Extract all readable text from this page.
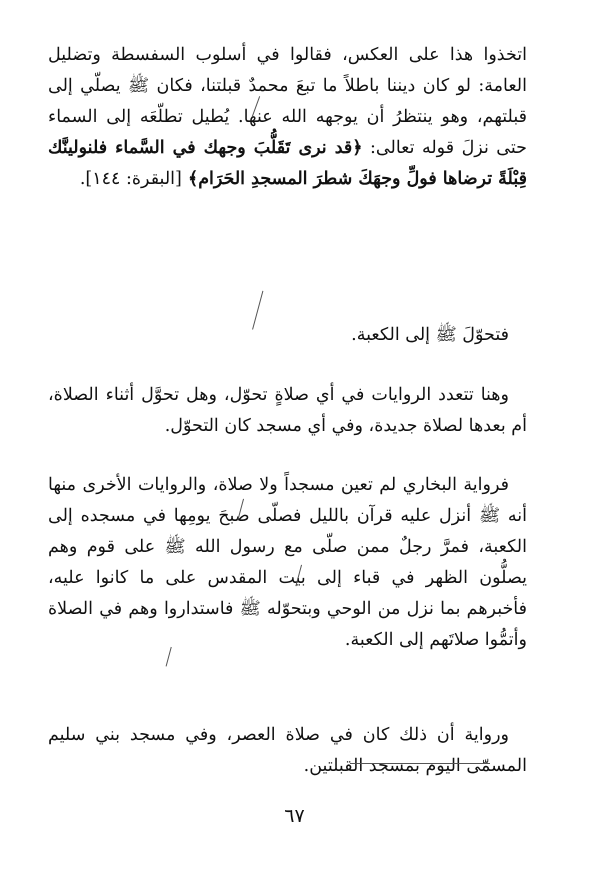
اتخذوا هذا على العكس، فقالوا في أسلوب السفسطة وتضليل العامة: لو كان ديننا باطلاً ما تبعَ محمدٌ قبلتنا، فكان ﷺ يصلّي إلى قبلتهم، وهو ينتظرُ أن يوجهه الله عنها. يُطيل تطلّعَه إلى السماء حتى نزلَ قوله تعالى: ﴿قد نرى تَقَلُّبَ وجهك في السَّماء فلنولينَّك قِبْلَةً ترضاها فولِّ وجهَكَ شطرَ المسجدِ الحَرَام﴾ [البقرة: ١٤٤].

فتحوّلَ ﷺ إلى الكعبة.

وهنا تتعدد الروايات في أي صلاةٍ تحوّل، وهل تحوَّل أثناء الصلاة، أم بعدها لصلاة جديدة، وفي أي مسجد كان التحوّل.

فرواية البخاري لم تعين مسجداً ولا صلاة، والروايات الأخرى منها أنه ﷺ أنزل عليه قرآن بالليل فصلّى صبحَ يومِها في مسجده إلى الكعبة، فمرَّ رجلٌ ممن صلّى مع رسول الله ﷺ على قوم وهم يصلُّون الظهر في قباء إلى بيت المقدس على ما كانوا عليه، فأخبرهم بما نزل من الوحي وبتحوّله ﷺ فاستداروا وهم في الصلاة وأتمُّوا صلاتَهم إلى الكعبة.

ورواية أن ذلك كان في صلاة العصر، وفي مسجد بني سليم المسمّى اليوم بمسجد القبلتين.

٦٧
